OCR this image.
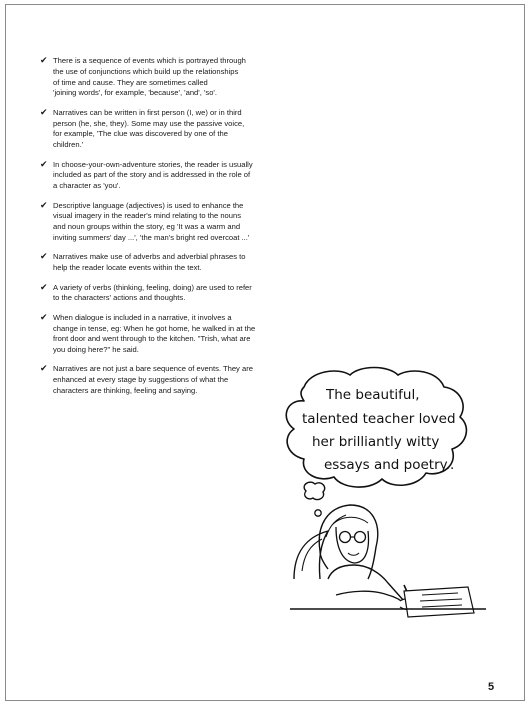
✔ There is a sequence of events which is portrayed through
the use of conjunctions which build up the relationships
of time and cause. They are sometimes called
'joining words', for example, 'because', 'and', 'so'.
✔ Narratives can be written in first person (I, we) or in third
person (he, she, they). Some may use the passive voice,
for example, 'The clue was discovered by one of the
children.'
✔ In choose-your-own-adventure stories, the reader is usually
included as part of the story and is addressed in the role of
a character as 'you'.
✔ Descriptive language (adjectives) is used to enhance the
visual imagery in the reader's mind relating to the nouns
and noun groups within the story, eg 'It was a warm and
inviting summers' day ...', 'the man's bright red overcoat ...'
✔ Narratives make use of adverbs and adverbial phrases to
help the reader locate events within the text.
✔ A variety of verbs (thinking, feeling, doing) are used to refer
to the characters' actions and thoughts.
✔ When dialogue is included in a narrative, it involves a
change in tense, eg: When he got home, he walked in at the
front door and went through to the kitchen. "Trish, what are
you doing here?" he said.
✔ Narratives are not just a bare sequence of events. They are
enhanced at every stage by suggestions of what the
characters are thinking, feeling and saying.	The beautiful,
talented teacher loved
her brilliantly witty
essays and poetry..
5
